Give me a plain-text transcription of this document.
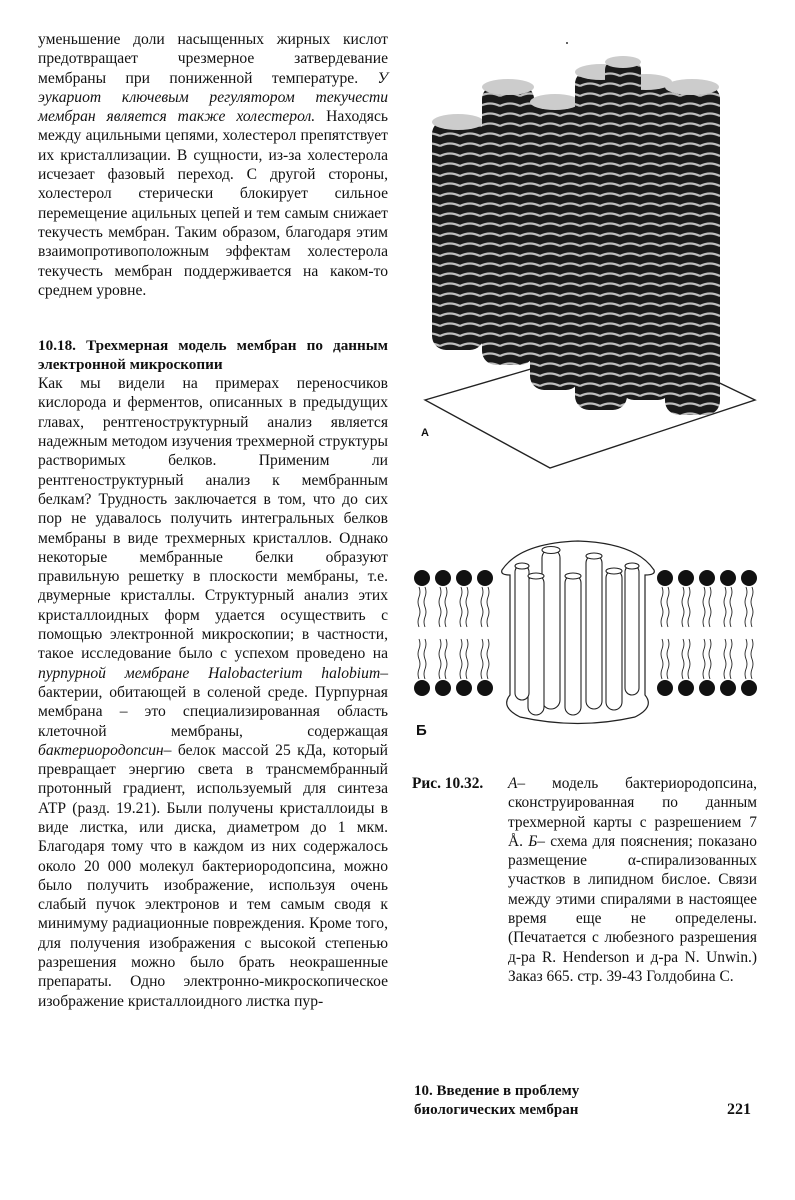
уменьшение доли насыщенных жирных кислот предотвращает чрезмерное затвердевание мембраны при пониженной температуре. У эукариот ключевым регулятором текучести мембран является также холестерол. Находясь между ацильными цепями, холестерол препятствует их кристаллизации. В сущности, из-за холестерола исчезает фазовый переход. С другой стороны, холестерол стерически блокирует сильное перемещение ацильных цепей и тем самым снижает текучесть мембран. Таким образом, благодаря этим взаимопротивоположным эффектам холестерола текучесть мембран поддерживается на каком-то среднем уровне.

10.18. Трехмерная модель мембран по данным электронной микроскопии

Как мы видели на примерах переносчиков кислорода и ферментов, описанных в предыдущих главах, рентгеноструктурный анализ является надежным методом изучения трехмерной структуры растворимых белков. Применим ли рентгеноструктурный анализ к мембранным белкам? Трудность заключается в том, что до сих пор не удавалось получить интегральных белков мембраны в виде трехмерных кристаллов. Однако некоторые мембранные белки образуют правильную решетку в плоскости мембраны, т.е. двумерные кристаллы. Структурный анализ этих кристаллоидных форм удается осуществить с помощью электронной микроскопии; в частности, такое исследование было с успехом проведено на пурпурной мембране Halobacterium halobium– бактерии, обитающей в соленой среде. Пурпурная мембрана – это специализированная область клеточной мембраны, содержащая бактериородопсин– белок массой 25 кДа, который превращает энергию света в трансмембранный протонный градиент, используемый для синтеза АТР (разд. 19.21). Были получены кристаллоиды в виде листка, или диска, диаметром до 1 мкм. Благодаря тому что в каждом из них содержалось около 20 000 молекул бактериородопсина, можно было получить изображение, используя очень слабый пучок электронов и тем самым сводя к минимуму радиационные повреждения. Кроме того, для получения изображения с высокой степенью разрешения можно было брать неокрашенные препараты. Одно электронно-микроскопическое изображение кристаллоидного листка пур-

А
Б
Рис. 10.32.	А– модель бактериородопсина, сконструированная по данным трехмерной карты с разрешением 7 Å. Б– схема для пояснения; показано размещение α-спирализованных участков в липидном бислое. Связи между этими спиралями в настоящее время еще не определены. (Печатается с любезного разрешения д-ра R. Henderson и д-ра N. Unwin.) Заказ 665. стр. 39-43 Голдобина С.
10. Введение в проблему
биологических мембран	221
